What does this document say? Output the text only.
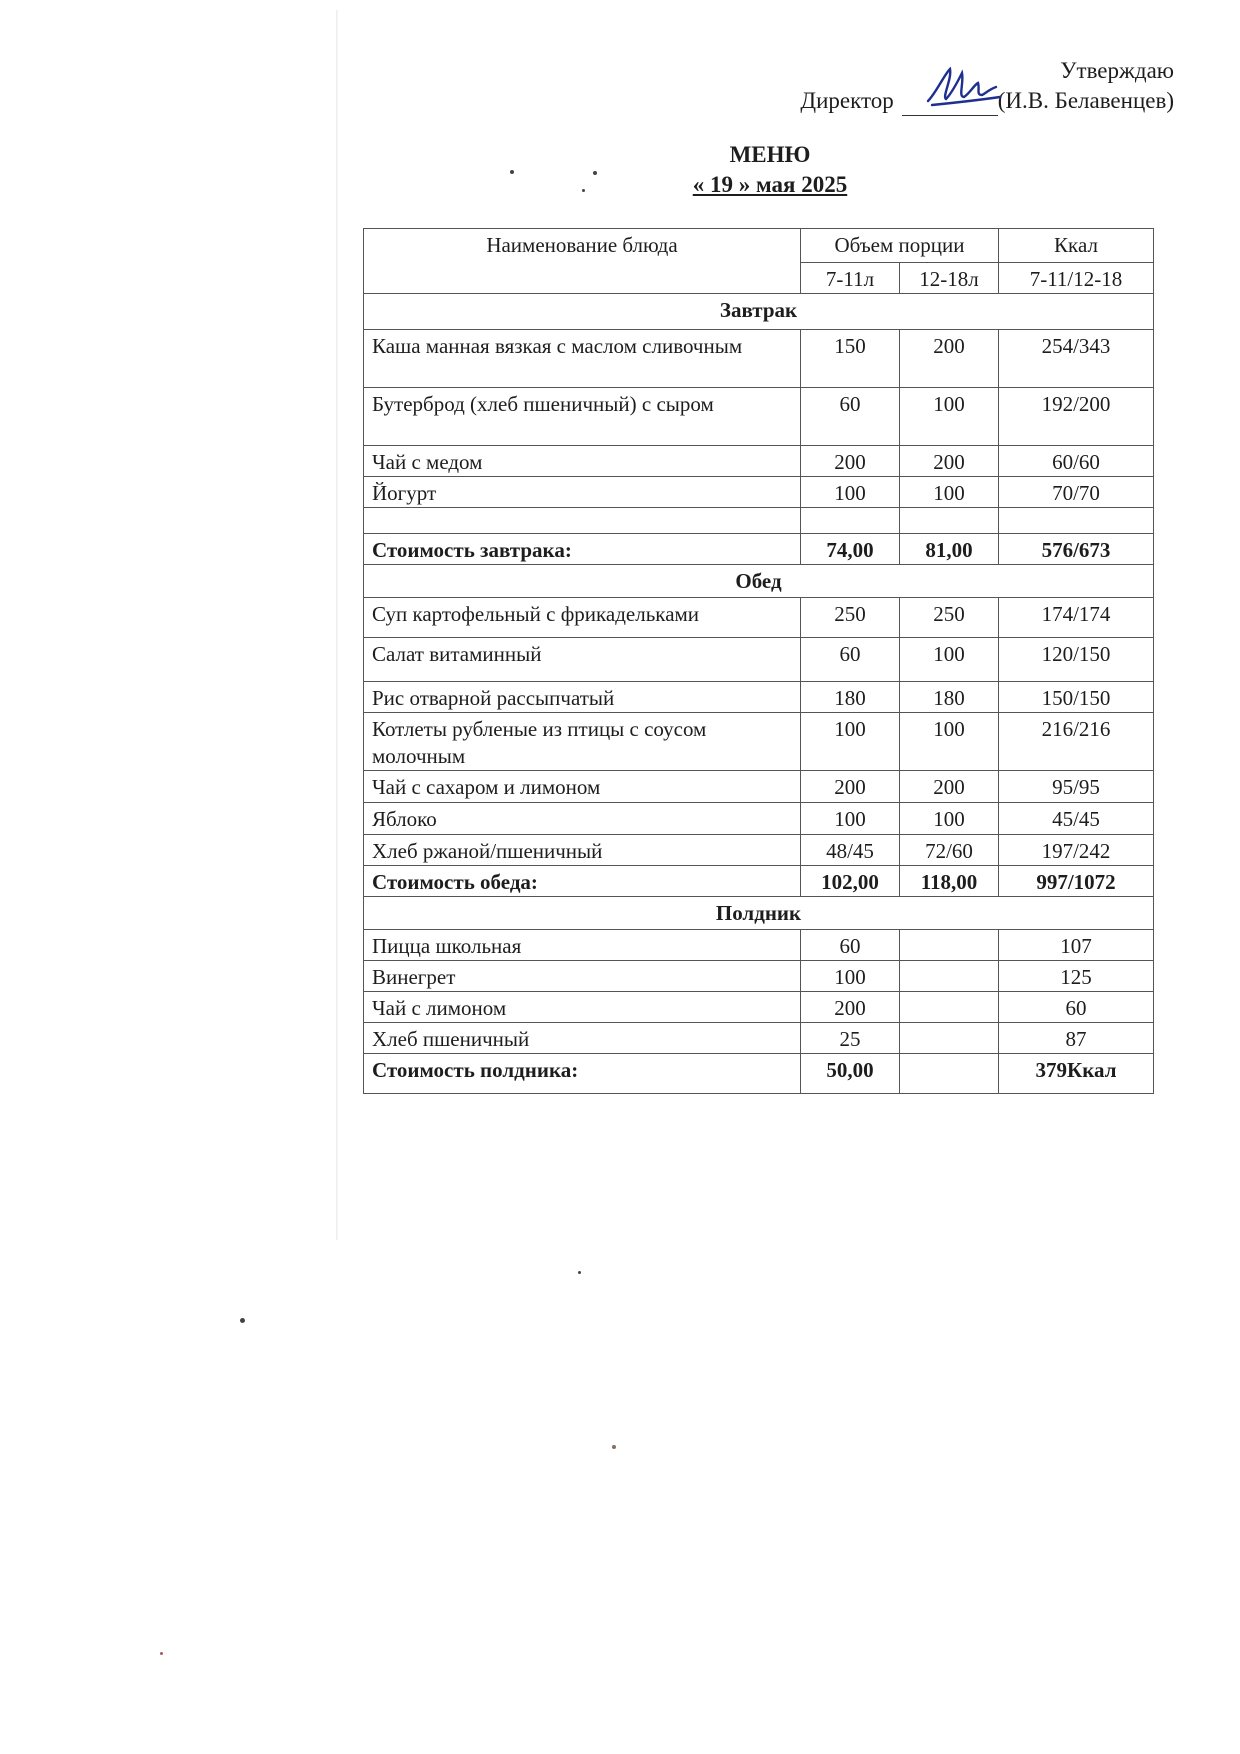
Утверждаю
Директор	(И.В. Белавенцев)
МЕНЮ
« 19 » мая 2025
Наименование блюда	Объем порции		Ккал
	7-11л	12-18л	7-11/12-18
Завтрак			
Каша манная вязкая с маслом сливочным	150	200	254/343
Бутерброд (хлеб пшеничный) с сыром	60	100	192/200
Чай с медом	200	200	60/60
Йогурт	100	100	70/70

Стоимость завтрака:	74,00	81,00	576/673
Обед			
Суп картофельный с фрикадельками	250	250	174/174
Салат витаминный	60	100	120/150
Рис отварной рассыпчатый	180	180	150/150
Котлеты рубленые из птицы с соусом молочным	100	100	216/216
Чай с сахаром и лимоном	200	200	95/95
Яблоко	100	100	45/45
Хлеб ржаной/пшеничный	48/45	72/60	197/242
Стоимость обеда:	102,00	118,00	997/1072
Полдник			
Пицца школьная	60		107
Винегрет	100		125
Чай с лимоном	200		60
Хлеб пшеничный	25		87
Стоимость полдника:	50,00		379Ккал
